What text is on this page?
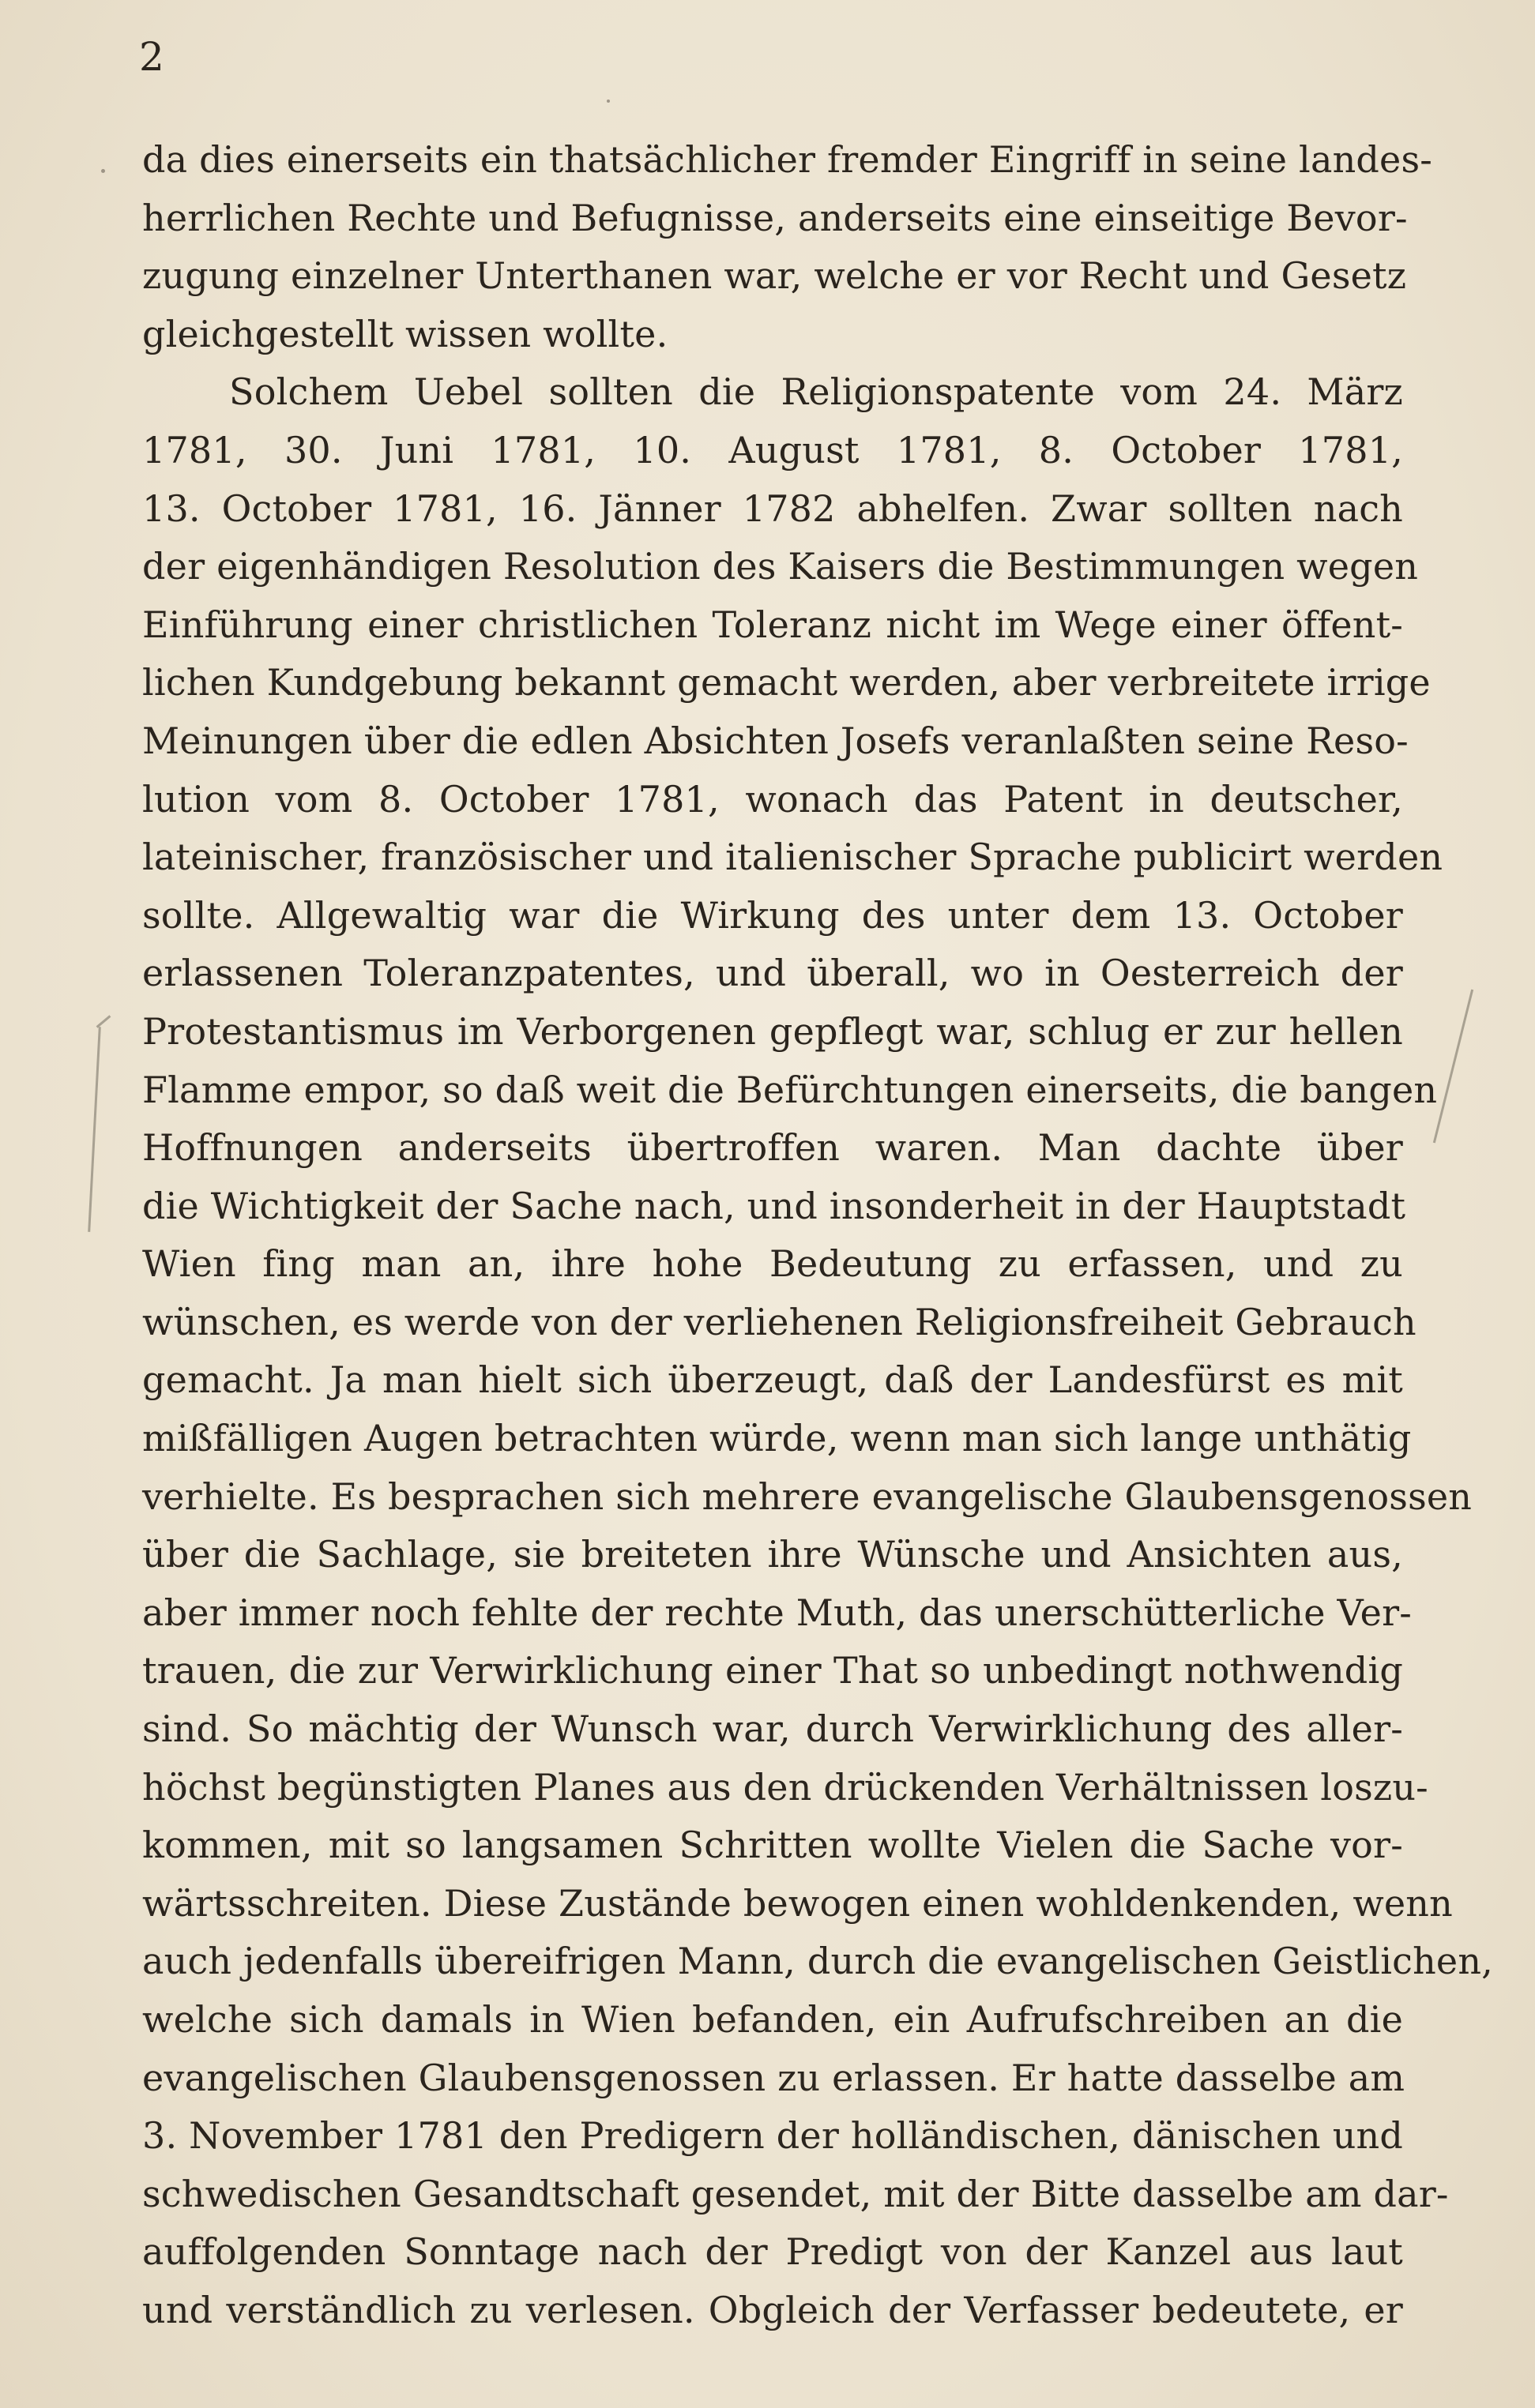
2
da dies einerseits ein thatsächlicher fremder Eingriff in seine landes-
herrlichen Rechte und Befugnisse, anderseits eine einseitige Bevor-
zugung einzelner Unterthanen war, welche er vor Recht und Gesetz
gleichgestellt wissen wollte.
Solchem Uebel sollten die Religionspatente vom 24. März
1781, 30. Juni 1781, 10. August 1781, 8. October 1781,
13. October 1781, 16. Jänner 1782 abhelfen. Zwar sollten nach
der eigenhändigen Resolution des Kaisers die Bestimmungen wegen
Einführung einer christlichen Toleranz nicht im Wege einer öffent-
lichen Kundgebung bekannt gemacht werden, aber verbreitete irrige
Meinungen über die edlen Absichten Josefs veranlaßten seine Reso-
lution vom 8. October 1781, wonach das Patent in deutscher,
lateinischer, französischer und italienischer Sprache publicirt werden
sollte. Allgewaltig war die Wirkung des unter dem 13. October
erlassenen Toleranzpatentes, und überall, wo in Oesterreich der
Protestantismus im Verborgenen gepflegt war, schlug er zur hellen
Flamme empor, so daß weit die Befürchtungen einerseits, die bangen
Hoffnungen anderseits übertroffen waren. Man dachte über
die Wichtigkeit der Sache nach, und insonderheit in der Hauptstadt
Wien fing man an, ihre hohe Bedeutung zu erfassen, und zu
wünschen, es werde von der verliehenen Religionsfreiheit Gebrauch
gemacht. Ja man hielt sich überzeugt, daß der Landesfürst es mit
mißfälligen Augen betrachten würde, wenn man sich lange unthätig
verhielte. Es besprachen sich mehrere evangelische Glaubensgenossen
über die Sachlage, sie breiteten ihre Wünsche und Ansichten aus,
aber immer noch fehlte der rechte Muth, das unerschütterliche Ver-
trauen, die zur Verwirklichung einer That so unbedingt nothwendig
sind. So mächtig der Wunsch war, durch Verwirklichung des aller-
höchst begünstigten Planes aus den drückenden Verhältnissen loszu-
kommen, mit so langsamen Schritten wollte Vielen die Sache vor-
wärtsschreiten. Diese Zustände bewogen einen wohldenkenden, wenn
auch jedenfalls übereifrigen Mann, durch die evangelischen Geistlichen,
welche sich damals in Wien befanden, ein Aufrufschreiben an die
evangelischen Glaubensgenossen zu erlassen. Er hatte dasselbe am
3. November 1781 den Predigern der holländischen, dänischen und
schwedischen Gesandtschaft gesendet, mit der Bitte dasselbe am dar-
auffolgenden Sonntage nach der Predigt von der Kanzel aus laut
und verständlich zu verlesen. Obgleich der Verfasser bedeutete, er
